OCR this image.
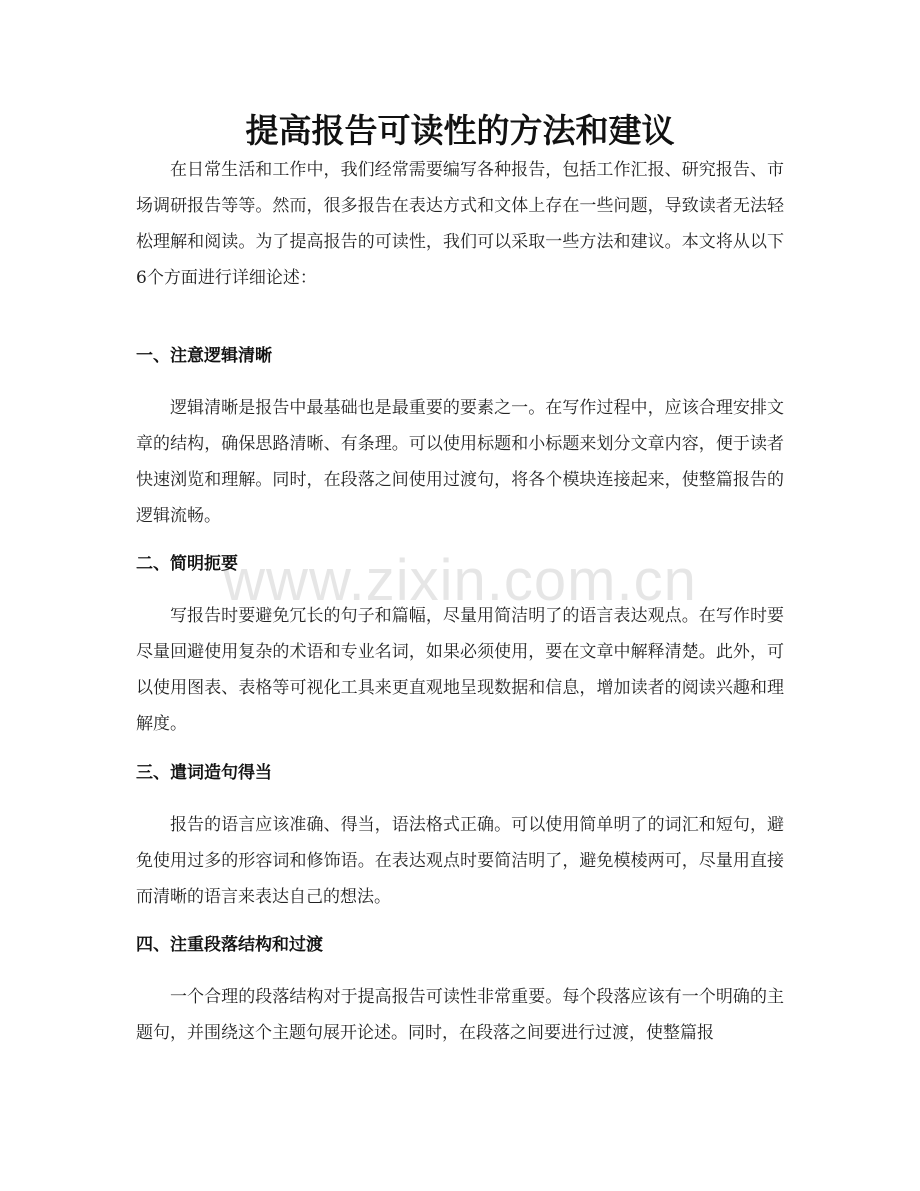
提高报告可读性的方法和建议

在日常生活和工作中，我们经常需要编写各种报告，包括工作汇报、研究报告、市场调研报告等等。然而，很多报告在表达方式和文体上存在一些问题，导致读者无法轻松理解和阅读。为了提高报告的可读性，我们可以采取一些方法和建议。本文将从以下6个方面进行详细论述：

一、注意逻辑清晰

逻辑清晰是报告中最基础也是最重要的要素之一。在写作过程中，应该合理安排文章的结构，确保思路清晰、有条理。可以使用标题和小标题来划分文章内容，便于读者快速浏览和理解。同时，在段落之间使用过渡句，将各个模块连接起来，使整篇报告的逻辑流畅。

二、简明扼要

写报告时要避免冗长的句子和篇幅，尽量用简洁明了的语言表达观点。在写作时要尽量回避使用复杂的术语和专业名词，如果必须使用，要在文章中解释清楚。此外，可以使用图表、表格等可视化工具来更直观地呈现数据和信息，增加读者的阅读兴趣和理解度。

三、遣词造句得当

报告的语言应该准确、得当，语法格式正确。可以使用简单明了的词汇和短句，避免使用过多的形容词和修饰语。在表达观点时要简洁明了，避免模棱两可，尽量用直接而清晰的语言来表达自己的想法。

四、注重段落结构和过渡

一个合理的段落结构对于提高报告可读性非常重要。每个段落应该有一个明确的主题句，并围绕这个主题句展开论述。同时，在段落之间要进行过渡，使整篇报

www.zixin.com.cn
